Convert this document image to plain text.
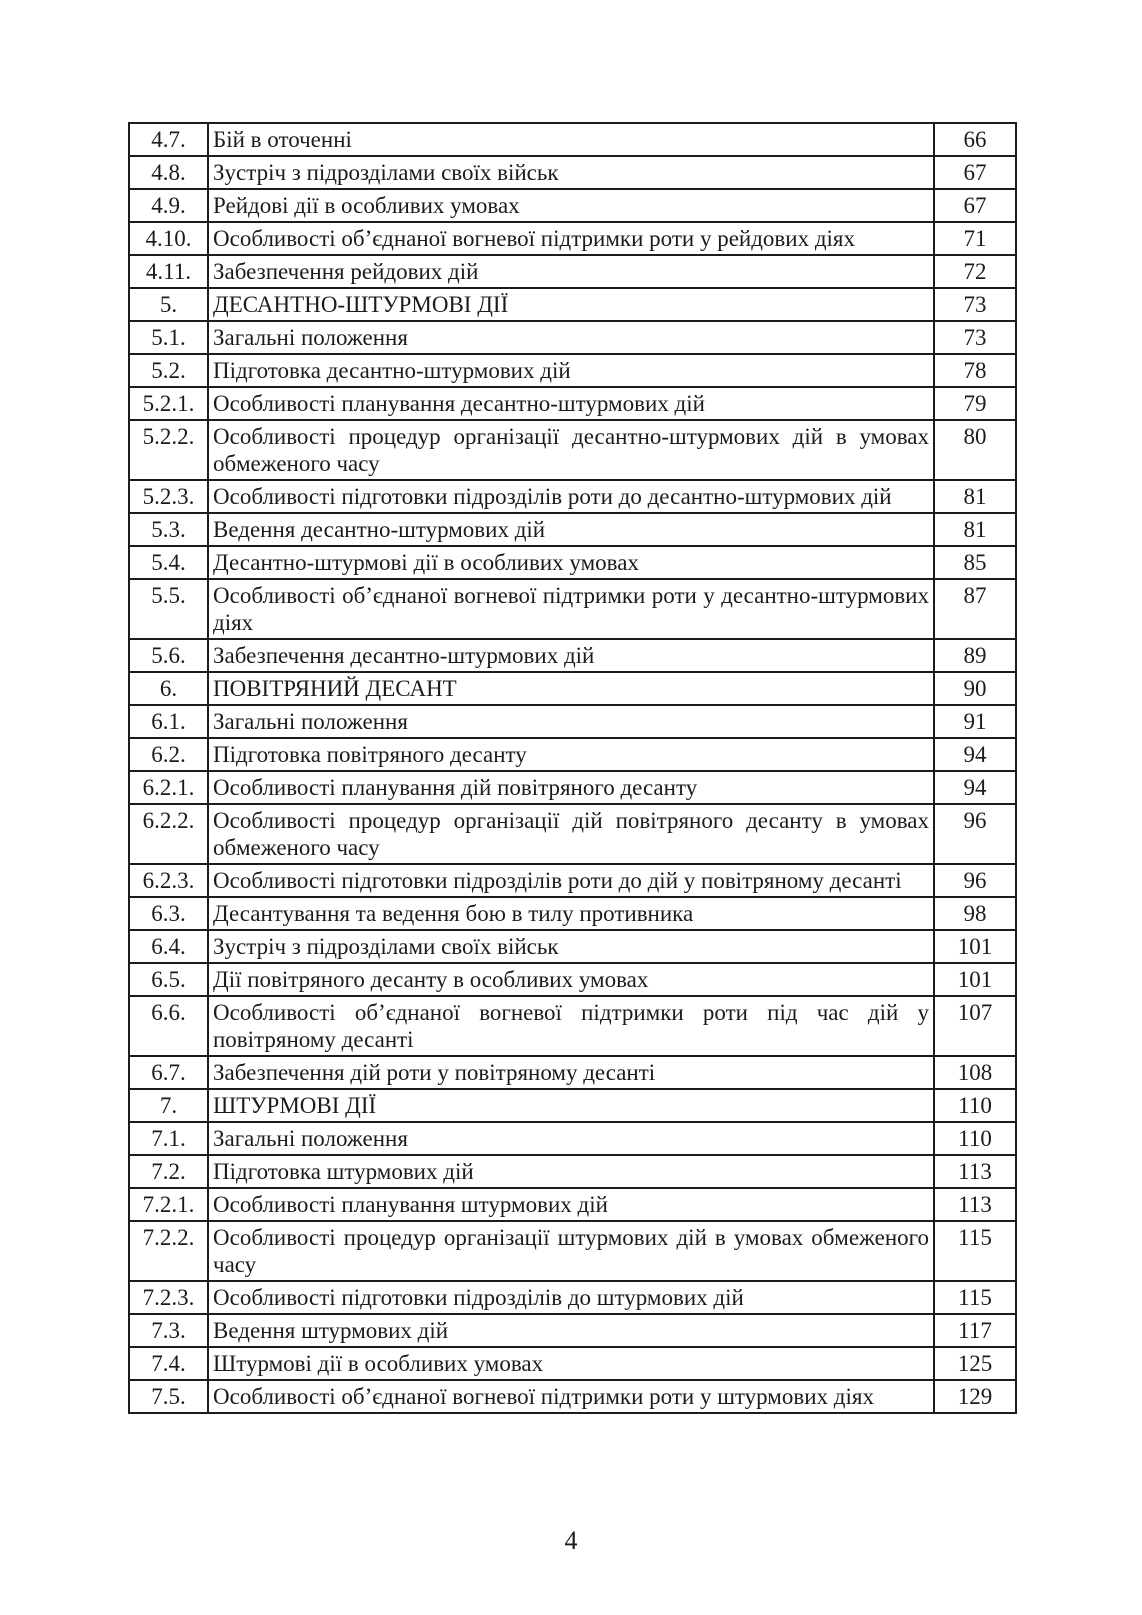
4.7.	Бій в оточенні	66
4.8.	Зустріч з підрозділами своїх військ	67
4.9.	Рейдові дії в особливих умовах	67
4.10.	Особливості об’єднаної вогневої підтримки роти у рейдових діях	71
4.11.	Забезпечення рейдових дій	72
5.	ДЕСАНТНО-ШТУРМОВІ ДІЇ	73
5.1.	Загальні положення	73
5.2.	Підготовка десантно-штурмових дій	78
5.2.1.	Особливості планування десантно-штурмових дій	79
5.2.2.	Особливості процедур організації десантно-штурмових дій в умовах обмеженого часу	80
5.2.3.	Особливості підготовки підрозділів роти до десантно-штурмових дій	81
5.3.	Ведення десантно-штурмових дій	81
5.4.	Десантно-штурмові дії в особливих умовах	85
5.5.	Особливості об’єднаної вогневої підтримки роти у десантно-штурмових діях	87
5.6.	Забезпечення десантно-штурмових дій	89
6.	ПОВІТРЯНИЙ ДЕСАНТ	90
6.1.	Загальні положення	91
6.2.	Підготовка повітряного десанту	94
6.2.1.	Особливості планування дій повітряного десанту	94
6.2.2.	Особливості процедур організації дій повітряного десанту в умовах обмеженого часу	96
6.2.3.	Особливості підготовки підрозділів роти до дій у повітряному десанті	96
6.3.	Десантування та ведення бою в тилу противника	98
6.4.	Зустріч з підрозділами своїх військ	101
6.5.	Дії повітряного десанту в особливих умовах	101
6.6.	Особливості об’єднаної вогневої підтримки роти під час дій у повітряному десанті	107
6.7.	Забезпечення дій роти у повітряному десанті	108
7.	ШТУРМОВІ ДІЇ	110
7.1.	Загальні положення	110
7.2.	Підготовка штурмових дій	113
7.2.1.	Особливості планування штурмових дій	113
7.2.2.	Особливості процедур організації штурмових дій в умовах обмеженого часу	115
7.2.3.	Особливості підготовки підрозділів до штурмових дій	115
7.3.	Ведення штурмових дій	117
7.4.	Штурмові дії в особливих умовах	125
7.5.	Особливості об’єднаної вогневої підтримки роти у штурмових діях	129
4
